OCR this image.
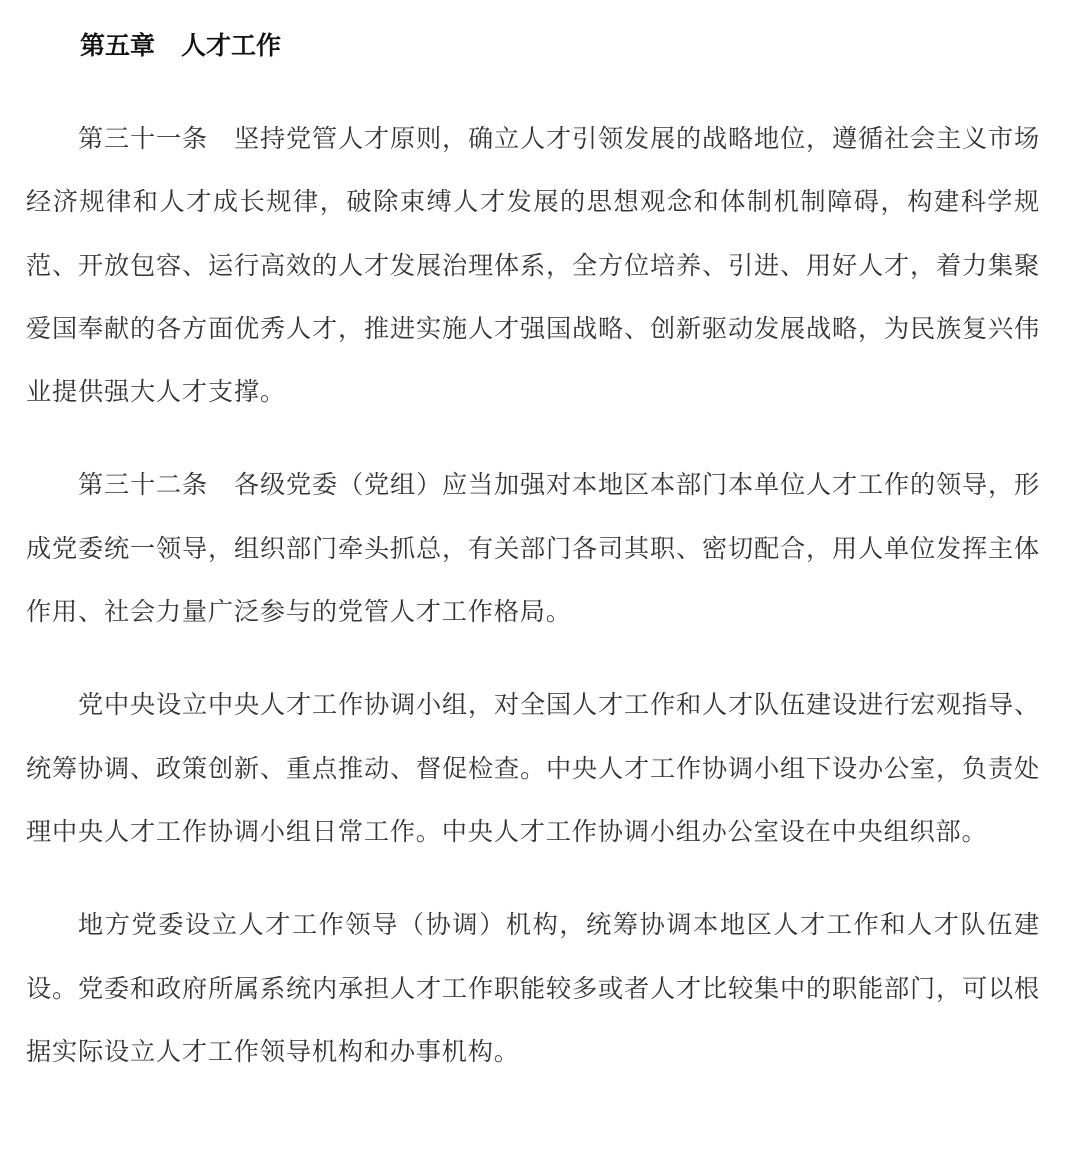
第五章 人才工作

第三十一条 坚持党管人才原则，确立人才引领发展的战略地位，遵循社会主义市场经济规律和人才成长规律，破除束缚人才发展的思想观念和体制机制障碍，构建科学规范、开放包容、运行高效的人才发展治理体系，全方位培养、引进、用好人才，着力集聚爱国奉献的各方面优秀人才，推进实施人才强国战略、创新驱动发展战略，为民族复兴伟业提供强大人才支撑。

第三十二条 各级党委（党组）应当加强对本地区本部门本单位人才工作的领导，形成党委统一领导，组织部门牵头抓总，有关部门各司其职、密切配合，用人单位发挥主体作用、社会力量广泛参与的党管人才工作格局。

党中央设立中央人才工作协调小组，对全国人才工作和人才队伍建设进行宏观指导、统筹协调、政策创新、重点推动、督促检查。中央人才工作协调小组下设办公室，负责处理中央人才工作协调小组日常工作。中央人才工作协调小组办公室设在中央组织部。

地方党委设立人才工作领导（协调）机构，统筹协调本地区人才工作和人才队伍建设。党委和政府所属系统内承担人才工作职能较多或者人才比较集中的职能部门，可以根据实际设立人才工作领导机构和办事机构。
